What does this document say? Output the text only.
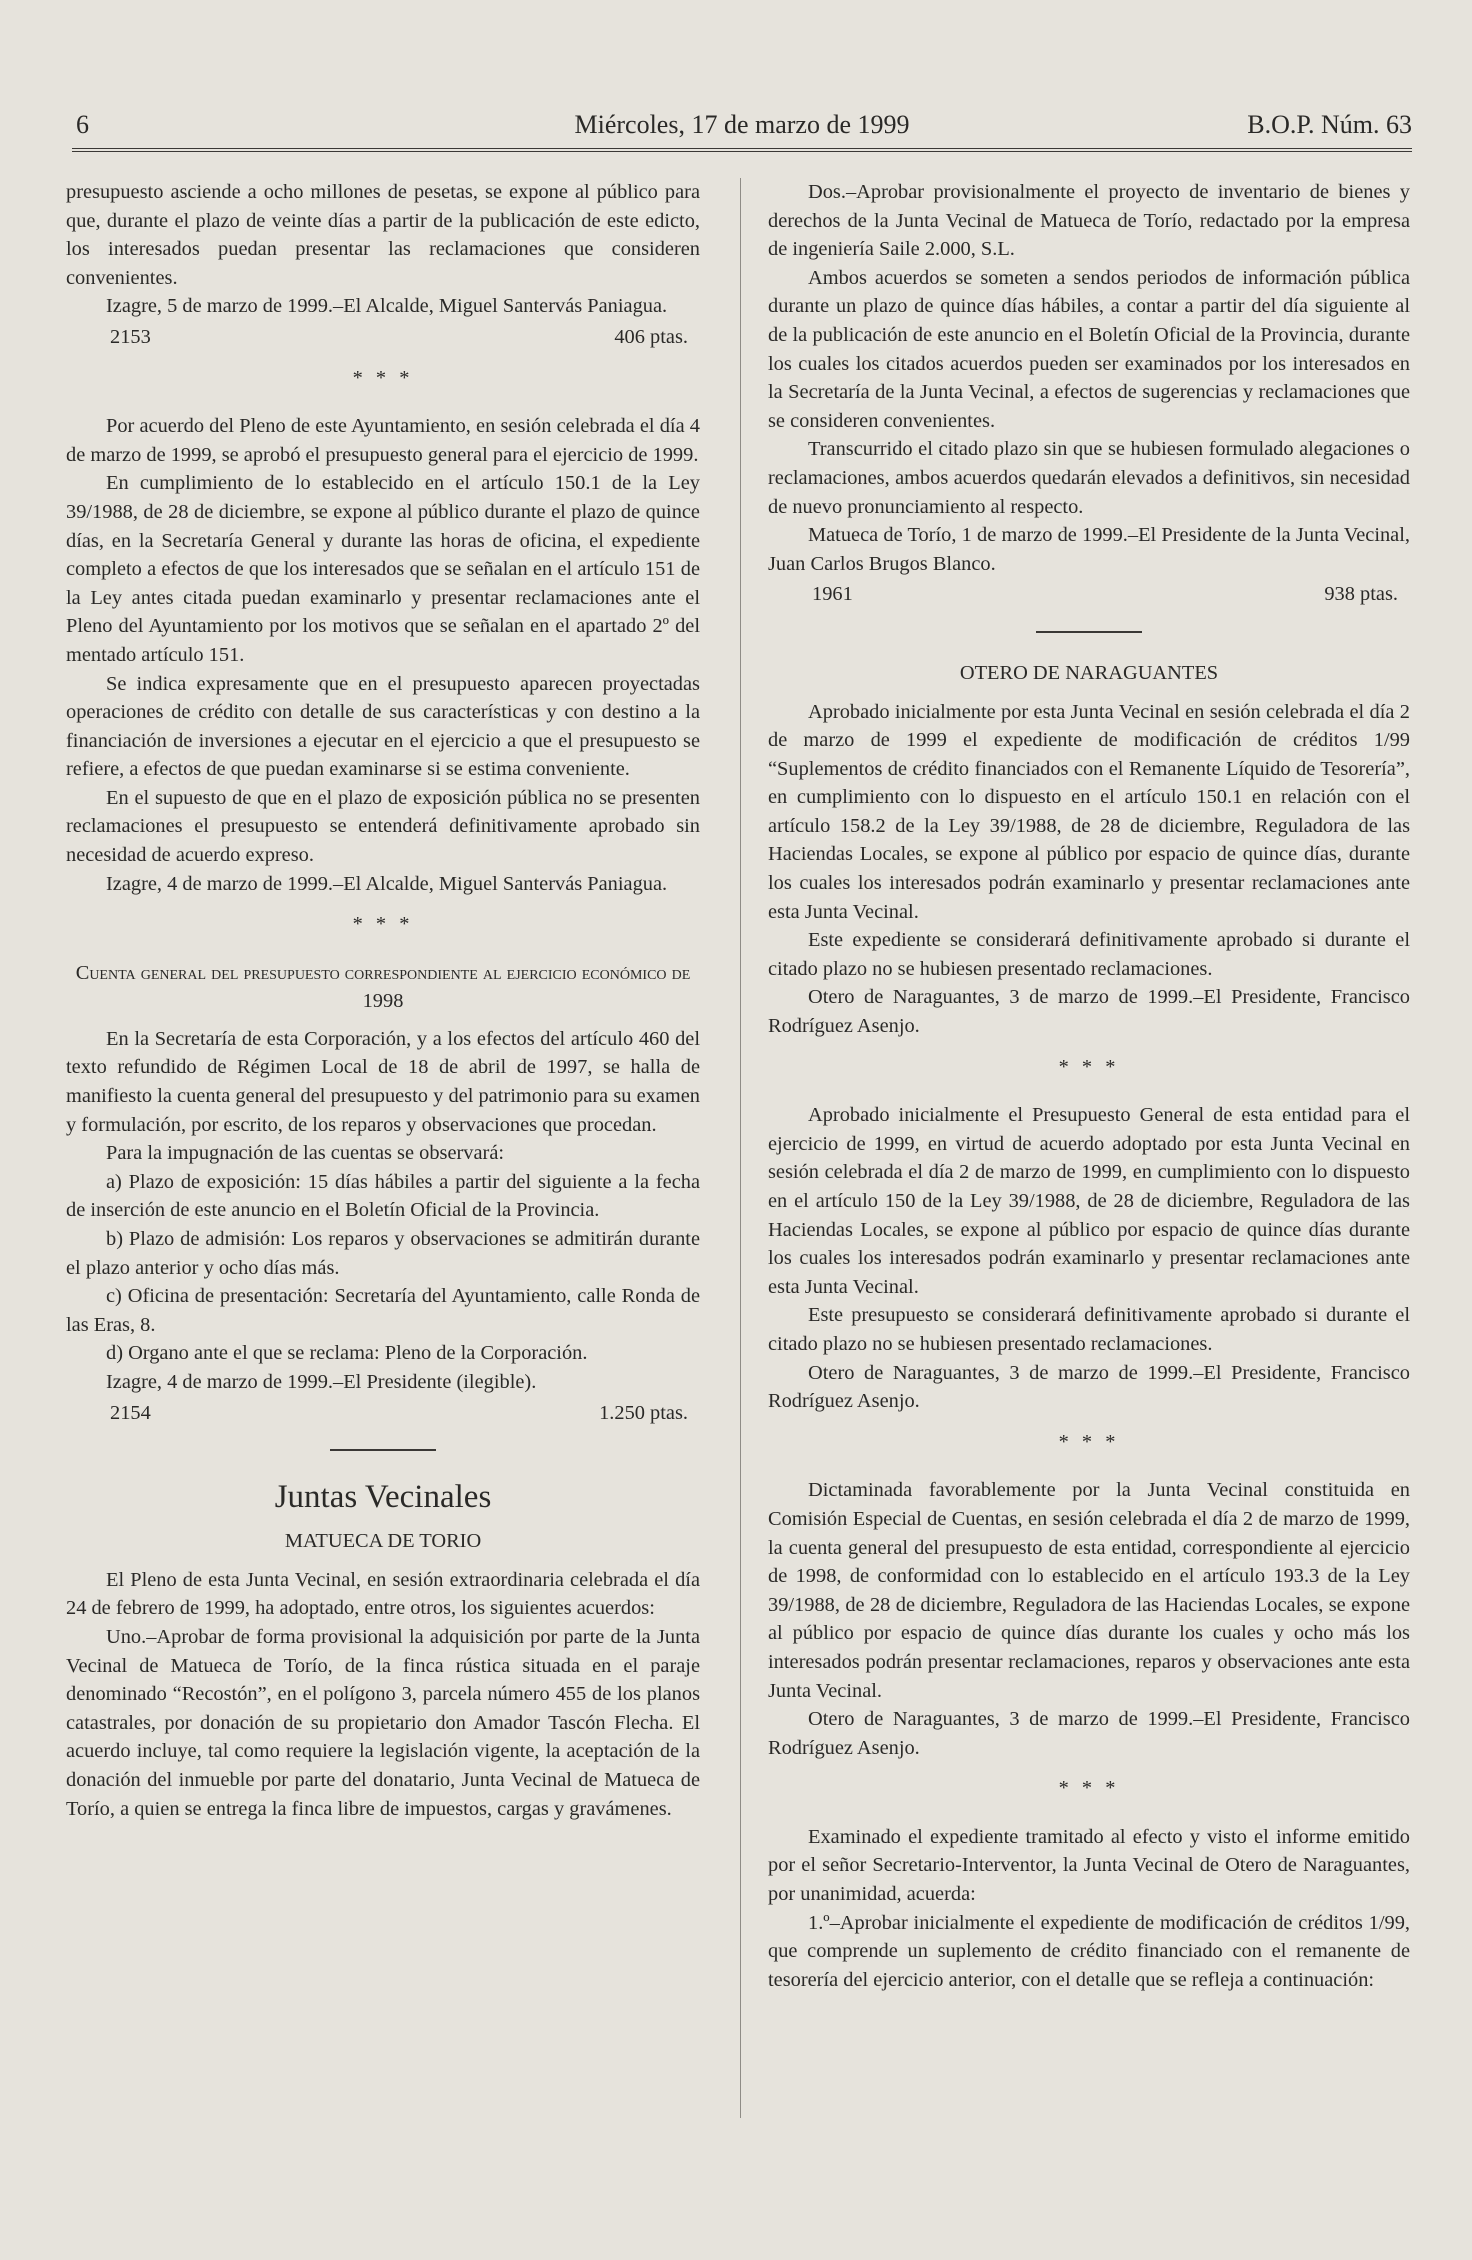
6	Miércoles, 17 de marzo de 1999	B.O.P. Núm. 63

presupuesto asciende a ocho millones de pesetas, se expone al público para que, durante el plazo de veinte días a partir de la publicación de este edicto, los interesados puedan presentar las reclamaciones que consideren convenientes.

Izagre, 5 de marzo de 1999.–El Alcalde, Miguel Santervás Paniagua.

2153	406 ptas.
* * *

Por acuerdo del Pleno de este Ayuntamiento, en sesión celebrada el día 4 de marzo de 1999, se aprobó el presupuesto general para el ejercicio de 1999.

En cumplimiento de lo establecido en el artículo 150.1 de la Ley 39/1988, de 28 de diciembre, se expone al público durante el plazo de quince días, en la Secretaría General y durante las horas de oficina, el expediente completo a efectos de que los interesados que se señalan en el artículo 151 de la Ley antes citada puedan examinarlo y presentar reclamaciones ante el Pleno del Ayuntamiento por los motivos que se señalan en el apartado 2º del mentado artículo 151.

Se indica expresamente que en el presupuesto aparecen proyectadas operaciones de crédito con detalle de sus características y con destino a la financiación de inversiones a ejecutar en el ejercicio a que el presupuesto se refiere, a efectos de que puedan examinarse si se estima conveniente.

En el supuesto de que en el plazo de exposición pública no se presenten reclamaciones el presupuesto se entenderá definitivamente aprobado sin necesidad de acuerdo expreso.

Izagre, 4 de marzo de 1999.–El Alcalde, Miguel Santervás Paniagua.

* * *
Cuenta general del presupuesto correspondiente al ejercicio económico de 1998

En la Secretaría de esta Corporación, y a los efectos del artículo 460 del texto refundido de Régimen Local de 18 de abril de 1997, se halla de manifiesto la cuenta general del presupuesto y del patrimonio para su examen y formulación, por escrito, de los reparos y observaciones que procedan.

Para la impugnación de las cuentas se observará:

a) Plazo de exposición: 15 días hábiles a partir del siguiente a la fecha de inserción de este anuncio en el Boletín Oficial de la Provincia.

b) Plazo de admisión: Los reparos y observaciones se admitirán durante el plazo anterior y ocho días más.

c) Oficina de presentación: Secretaría del Ayuntamiento, calle Ronda de las Eras, 8.

d) Organo ante el que se reclama: Pleno de la Corporación.

Izagre, 4 de marzo de 1999.–El Presidente (ilegible).

2154	1.250 ptas.
Juntas Vecinales
MATUECA DE TORIO

El Pleno de esta Junta Vecinal, en sesión extraordinaria celebrada el día 24 de febrero de 1999, ha adoptado, entre otros, los siguientes acuerdos:

Uno.–Aprobar de forma provisional la adquisición por parte de la Junta Vecinal de Matueca de Torío, de la finca rústica situada en el paraje denominado “Recostón”, en el polígono 3, parcela número 455 de los planos catastrales, por donación de su propietario don Amador Tascón Flecha. El acuerdo incluye, tal como requiere la legislación vigente, la aceptación de la donación del inmueble por parte del donatario, Junta Vecinal de Matueca de Torío, a quien se entrega la finca libre de impuestos, cargas y gravámenes.

Dos.–Aprobar provisionalmente el proyecto de inventario de bienes y derechos de la Junta Vecinal de Matueca de Torío, redactado por la empresa de ingeniería Saile 2.000, S.L.

Ambos acuerdos se someten a sendos periodos de información pública durante un plazo de quince días hábiles, a contar a partir del día siguiente al de la publicación de este anuncio en el Boletín Oficial de la Provincia, durante los cuales los citados acuerdos pueden ser examinados por los interesados en la Secretaría de la Junta Vecinal, a efectos de sugerencias y reclamaciones que se consideren convenientes.

Transcurrido el citado plazo sin que se hubiesen formulado alegaciones o reclamaciones, ambos acuerdos quedarán elevados a definitivos, sin necesidad de nuevo pronunciamiento al respecto.

Matueca de Torío, 1 de marzo de 1999.–El Presidente de la Junta Vecinal, Juan Carlos Brugos Blanco.

1961	938 ptas.
OTERO DE NARAGUANTES

Aprobado inicialmente por esta Junta Vecinal en sesión celebrada el día 2 de marzo de 1999 el expediente de modificación de créditos 1/99 “Suplementos de crédito financiados con el Remanente Líquido de Tesorería”, en cumplimiento con lo dispuesto en el artículo 150.1 en relación con el artículo 158.2 de la Ley 39/1988, de 28 de diciembre, Reguladora de las Haciendas Locales, se expone al público por espacio de quince días, durante los cuales los interesados podrán examinarlo y presentar reclamaciones ante esta Junta Vecinal.

Este expediente se considerará definitivamente aprobado si durante el citado plazo no se hubiesen presentado reclamaciones.

Otero de Naraguantes, 3 de marzo de 1999.–El Presidente, Francisco Rodríguez Asenjo.

* * *

Aprobado inicialmente el Presupuesto General de esta entidad para el ejercicio de 1999, en virtud de acuerdo adoptado por esta Junta Vecinal en sesión celebrada el día 2 de marzo de 1999, en cumplimiento con lo dispuesto en el artículo 150 de la Ley 39/1988, de 28 de diciembre, Reguladora de las Haciendas Locales, se expone al público por espacio de quince días durante los cuales los interesados podrán examinarlo y presentar reclamaciones ante esta Junta Vecinal.

Este presupuesto se considerará definitivamente aprobado si durante el citado plazo no se hubiesen presentado reclamaciones.

Otero de Naraguantes, 3 de marzo de 1999.–El Presidente, Francisco Rodríguez Asenjo.

* * *

Dictaminada favorablemente por la Junta Vecinal constituida en Comisión Especial de Cuentas, en sesión celebrada el día 2 de marzo de 1999, la cuenta general del presupuesto de esta entidad, correspondiente al ejercicio de 1998, de conformidad con lo establecido en el artículo 193.3 de la Ley 39/1988, de 28 de diciembre, Reguladora de las Haciendas Locales, se expone al público por espacio de quince días durante los cuales y ocho más los interesados podrán presentar reclamaciones, reparos y observaciones ante esta Junta Vecinal.

Otero de Naraguantes, 3 de marzo de 1999.–El Presidente, Francisco Rodríguez Asenjo.

* * *

Examinado el expediente tramitado al efecto y visto el informe emitido por el señor Secretario-Interventor, la Junta Vecinal de Otero de Naraguantes, por unanimidad, acuerda:

1.º–Aprobar inicialmente el expediente de modificación de créditos 1/99, que comprende un suplemento de crédito financiado con el remanente de tesorería del ejercicio anterior, con el detalle que se refleja a continuación:
